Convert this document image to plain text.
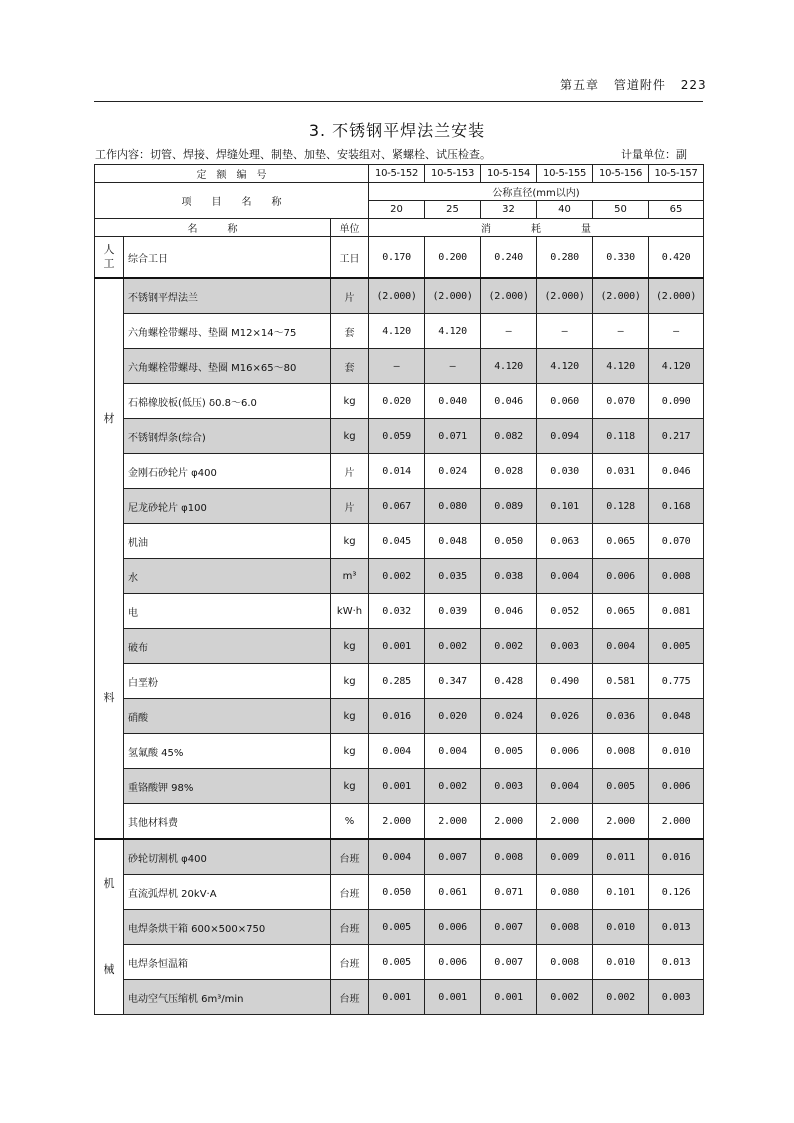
第五章 管道附件 223
3. 不锈钢平焊法兰安装
工作内容：切管、焊接、焊缝处理、制垫、加垫、安装组对、紧螺栓、试压检查。	计量单位：副
定　额　编　号			10-5-152	10-5-153	10-5-154	10-5-155	10-5-156	10-5-157
项　　目　　名　　称			公称直径(mm以内)					
			20	25	32	40	50	65
名　　　称		单位	消　　　　耗　　　　量					

人
工	综合工日	工日	0.170	0.200	0.240	0.280	0.330	0.420

材
料	不锈钢平焊法兰	片	(2.000)	(2.000)	(2.000)	(2.000)	(2.000)	(2.000)
	六角螺栓带螺母、垫圈 M12×14～75	套	4.120	4.120	—	—	—	—
	六角螺栓带螺母、垫圈 M16×65～80	套	—	—	4.120	4.120	4.120	4.120
	石棉橡胶板(低压) δ0.8～6.0	kg	0.020	0.040	0.046	0.060	0.070	0.090
	不锈钢焊条(综合)	kg	0.059	0.071	0.082	0.094	0.118	0.217
	金刚石砂轮片 φ400	片	0.014	0.024	0.028	0.030	0.031	0.046
	尼龙砂轮片 φ100	片	0.067	0.080	0.089	0.101	0.128	0.168
	机油	kg	0.045	0.048	0.050	0.063	0.065	0.070
	水	m³	0.002	0.035	0.038	0.004	0.006	0.008
	电	kW·h	0.032	0.039	0.046	0.052	0.065	0.081
	破布	kg	0.001	0.002	0.002	0.003	0.004	0.005
	白垩粉	kg	0.285	0.347	0.428	0.490	0.581	0.775
	硝酸	kg	0.016	0.020	0.024	0.026	0.036	0.048
	氢氟酸 45%	kg	0.004	0.004	0.005	0.006	0.008	0.010
	重铬酸钾 98%	kg	0.001	0.002	0.003	0.004	0.005	0.006
	其他材料费	%	2.000	2.000	2.000	2.000	2.000	2.000

机
械	砂轮切割机 φ400	台班	0.004	0.007	0.008	0.009	0.011	0.016
	直流弧焊机 20kV·A	台班	0.050	0.061	0.071	0.080	0.101	0.126
	电焊条烘干箱 600×500×750	台班	0.005	0.006	0.007	0.008	0.010	0.013
	电焊条恒温箱	台班	0.005	0.006	0.007	0.008	0.010	0.013
	电动空气压缩机 6m³/min	台班	0.001	0.001	0.001	0.002	0.002	0.003
